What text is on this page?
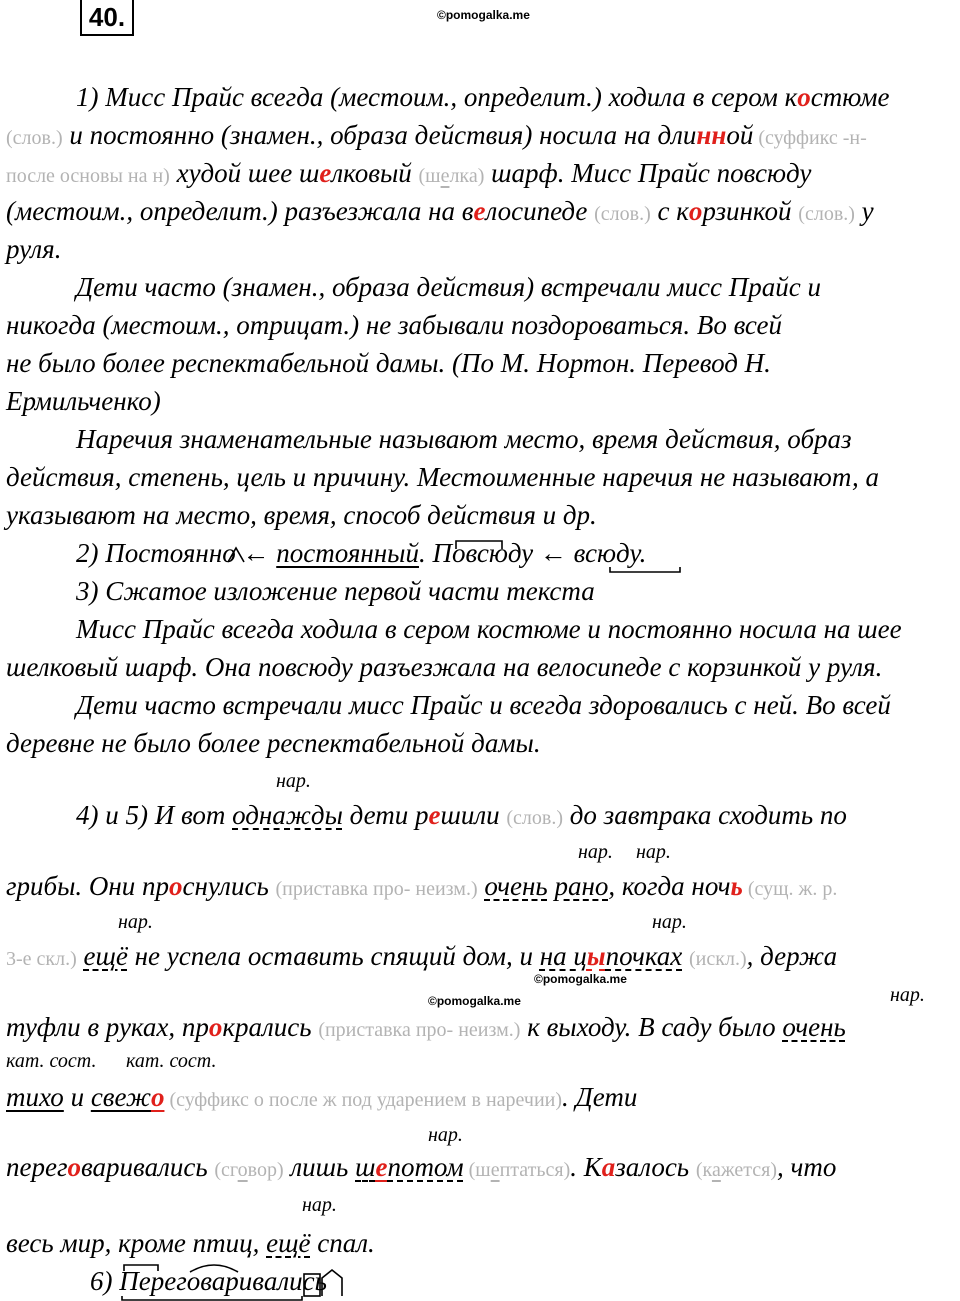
40.	©pomogalka.me
1) Мисс Прайс всегда (местоим., определит.) ходила в сером костюме
(слов.) и постоянно (знамен., образа действия) носила на длинной (суффикс -н-
после основы на н) худой шее шелковый (шелка) шарф. Мисс Прайс повсюду
(местоим., определит.) разъезжала на велосипеде (слов.) с корзинкой (слов.) у
руля.
Дети часто (знамен., образа действия) встречали мисс Прайс и
никогда (местоим., отрицат.) не забывали поздороваться. Во всей
не было более респектабельной дамы. (По М. Нортон. Перевод Н.
Ермильченко)
Наречия знаменательные называют место, время действия, образ
действия, степень, цель и причину. Местоименные наречия не называют, а
указывают на место, время, способ действия и др.
2) Постоянно ← постоянный. Повсюду ← всюду.
3) Сжатое изложение первой части текста
Мисс Прайс всегда ходила в сером костюме и постоянно носила на шее
шелковый шарф. Она повсюду разъезжала на велосипеде с корзинкой у руля.
Дети часто встречали мисс Прайс и всегда здоровались с ней. Во всей
деревне не было более респектабельной дамы.
нар.
4) и 5) И вот однажды дети решили (слов.) до завтрака сходить по
нар. нар.
грибы. Они проснулись (приставка про- неизм.) очень рано, когда ночь (сущ. ж. р.
нар.	нар.
3-е скл.) ещё не успела оставить спящий дом, и на цыпочках (искл.), держа
©pomogalka.me
нар.
©pomogalka.me
туфли в руках, прокрались (приставка про- неизм.) к выходу. В саду было очень
кат. сост. кат. сост.
тихо и свежо (суффикс о после ж под ударением в наречии). Дети
нар.
переговаривались (сговор) лишь шепотом (шептаться). Казалось (кажется), что
нар.
весь мир, кроме птиц, ещё спал.
6) Переговаривались
